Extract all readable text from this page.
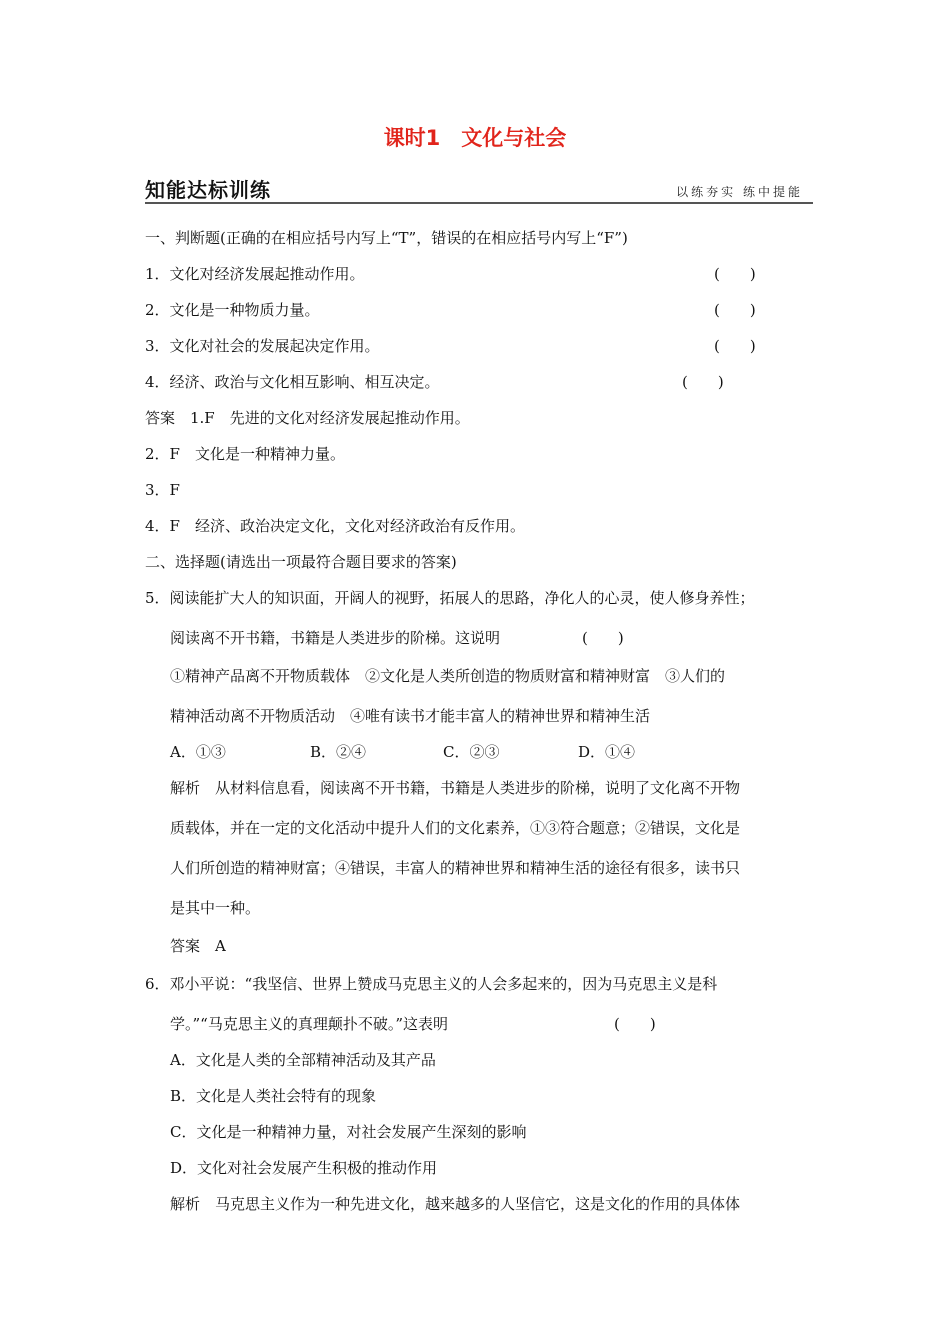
课时1　文化与社会
知能达标训练	以练夯实 练中提能
一、判断题(正确的在相应括号内写上“T”，错误的在相应括号内写上“F”)
1．文化对经济发展起推动作用。	(　　)
2．文化是一种物质力量。	(　　)
3．文化对社会的发展起决定作用。	(　　)
4．经济、政治与文化相互影响、相互决定。	(　　)
答案　1.F　先进的文化对经济发展起推动作用。
2．F　文化是一种精神力量。
3．F
4．F　经济、政治决定文化，文化对经济政治有反作用。
二、选择题(请选出一项最符合题目要求的答案)
5．阅读能扩大人的知识面，开阔人的视野，拓展人的思路，净化人的心灵，使人修身养性；
阅读离不开书籍，书籍是人类进步的阶梯。这说明	(　　)
①精神产品离不开物质载体　②文化是人类所创造的物质财富和精神财富　③人们的
精神活动离不开物质活动　④唯有读书才能丰富人的精神世界和精神生活
A．①③	B．②④	C．②③	D．①④
解析　从材料信息看，阅读离不开书籍，书籍是人类进步的阶梯，说明了文化离不开物
质载体，并在一定的文化活动中提升人们的文化素养，①③符合题意；②错误，文化是
人们所创造的精神财富；④错误，丰富人的精神世界和精神生活的途径有很多，读书只
是其中一种。
答案　A
6．邓小平说：“我坚信、世界上赞成马克思主义的人会多起来的，因为马克思主义是科
学。”“马克思主义的真理颠扑不破。”这表明	(　　)
A．文化是人类的全部精神活动及其产品
B．文化是人类社会特有的现象
C．文化是一种精神力量，对社会发展产生深刻的影响
D．文化对社会发展产生积极的推动作用
解析　马克思主义作为一种先进文化，越来越多的人坚信它，这是文化的作用的具体体
